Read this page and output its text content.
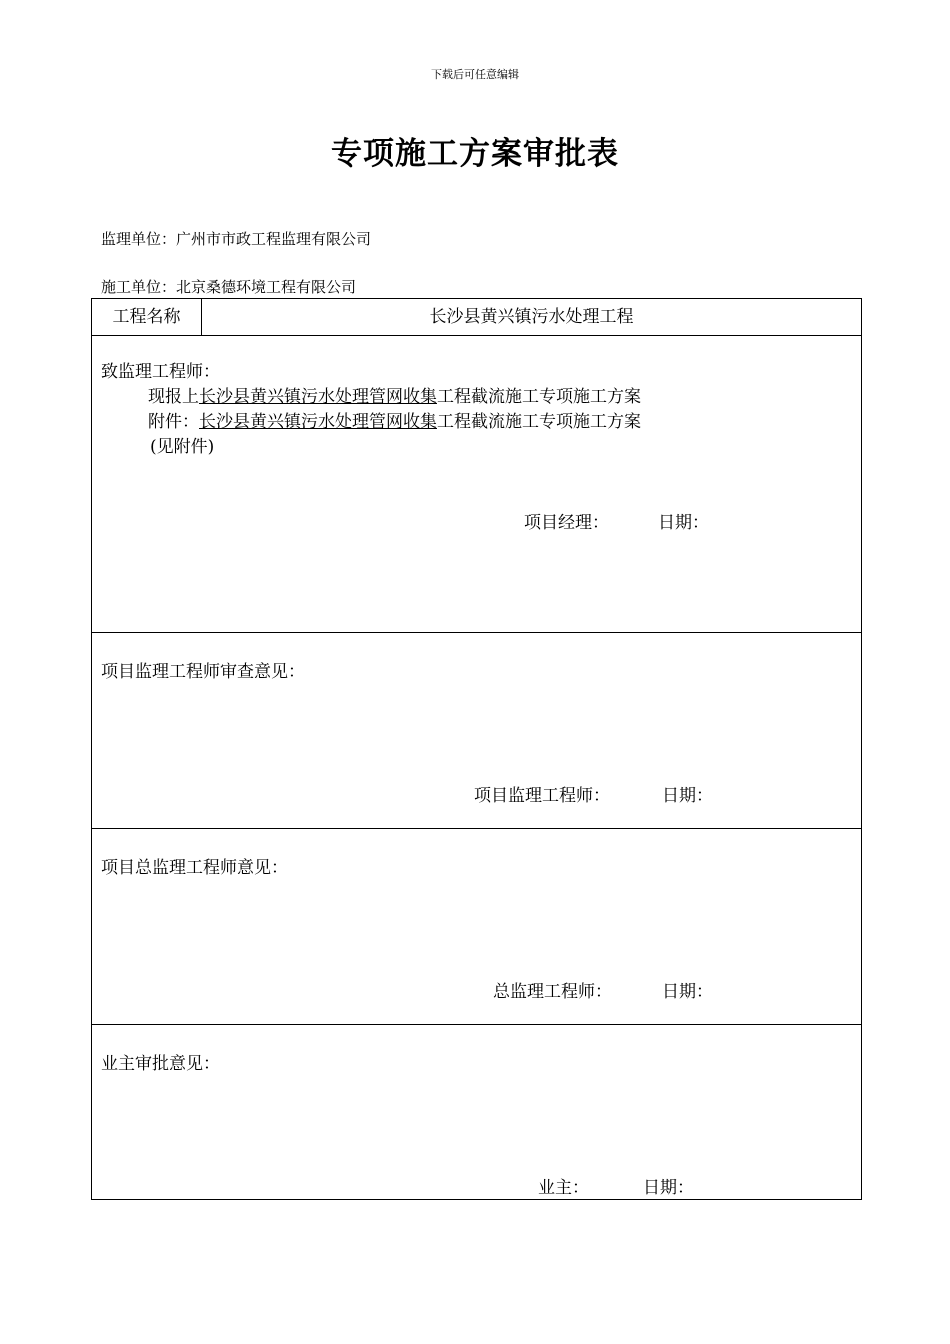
下载后可任意编辑
专项施工方案审批表
监理单位：广州市市政工程监理有限公司
施工单位：北京桑德环境工程有限公司
工程名称	长沙县黄兴镇污水处理工程
致监理工程师：
现报上长沙县黄兴镇污水处理管网收集工程截流施工专项施工方案
附件：长沙县黄兴镇污水处理管网收集工程截流施工专项施工方案
(见附件)
项目经理：	日期：
项目监理工程师审查意见：
项目监理工程师：	日期：
项目总监理工程师意见：
总监理工程师：	日期：
业主审批意见：
业主：	日期：
